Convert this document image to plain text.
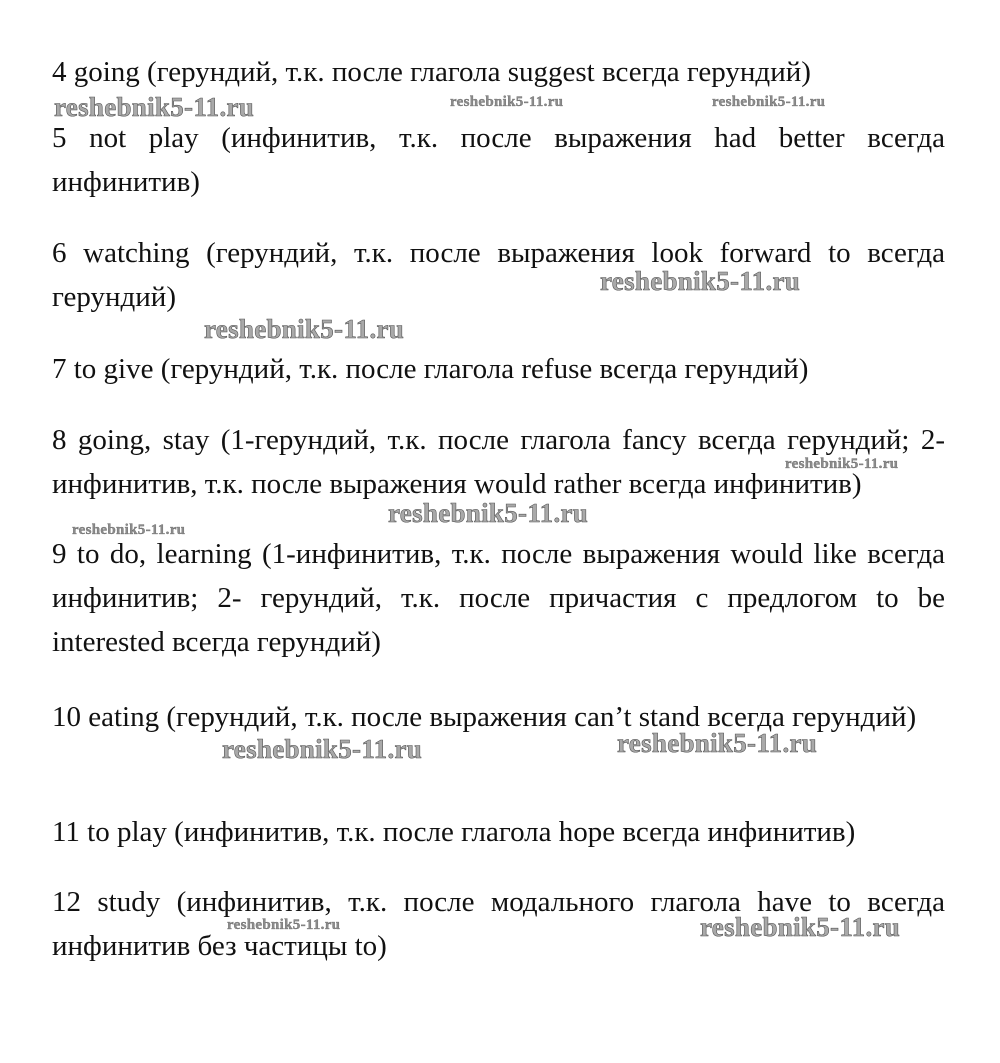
4 going (герундий, т.к. после глагола suggest всегда герундий)

5 not play (инфинитив, т.к. после выражения had better всегда инфинитив)

6 watching (герундий, т.к. после выражения look forward to всегда герундий)

7 to give (герундий, т.к. после глагола refuse всегда герундий)

8 going, stay (1-герундий, т.к. после глагола fancy всегда герундий; 2-инфинитив, т.к. после выражения would rather всегда инфинитив)

9 to do, learning (1-инфинитив, т.к. после выражения would like всегда инфинитив; 2- герундий, т.к. после причастия с предлогом to be interested всегда герундий)

10 eating (герундий, т.к. после выражения can’t stand всегда герундий)

11 to play (инфинитив, т.к. после глагола hope всегда инфинитив)

12 study (инфинитив, т.к. после модального глагола have to всегда инфинитив без частицы to)

reshebnik5-11.ru	reshebnik5-11.ru	reshebnik5-11.ru
reshebnik5-11.ru
reshebnik5-11.ru
reshebnik5-11.ru
reshebnik5-11.ru
reshebnik5-11.ru
reshebnik5-11.ru	reshebnik5-11.ru
reshebnik5-11.ru	reshebnik5-11.ru
